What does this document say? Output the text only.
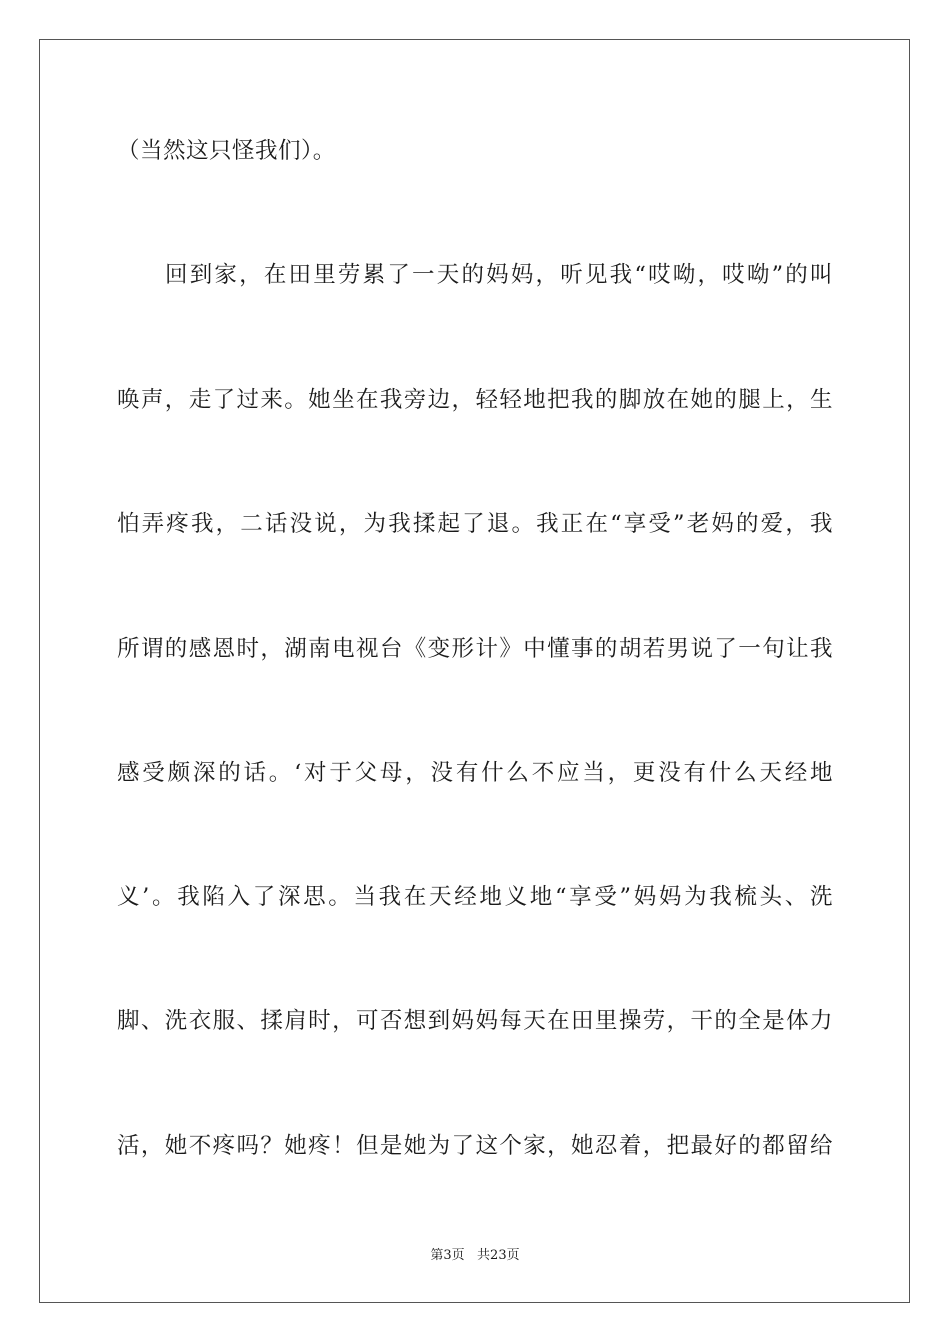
（当然这只怪我们）。
回到家，在田里劳累了一天的妈妈，听见我“哎呦，哎呦”的叫
唤声，走了过来。她坐在我旁边，轻轻地把我的脚放在她的腿上，生
怕弄疼我，二话没说，为我揉起了退。我正在“享受”老妈的爱，我
所谓的感恩时，湖南电视台《变形计》中懂事的胡若男说了一句让我
感受颇深的话。‘对于父母，没有什么不应当，更没有什么天经地
义’。我陷入了深思。当我在天经地义地“享受”妈妈为我梳头、洗
脚、洗衣服、揉肩时，可否想到妈妈每天在田里操劳，干的全是体力
活，她不疼吗？她疼！但是她为了这个家，她忍着，把最好的都留给
第3页   共23页
